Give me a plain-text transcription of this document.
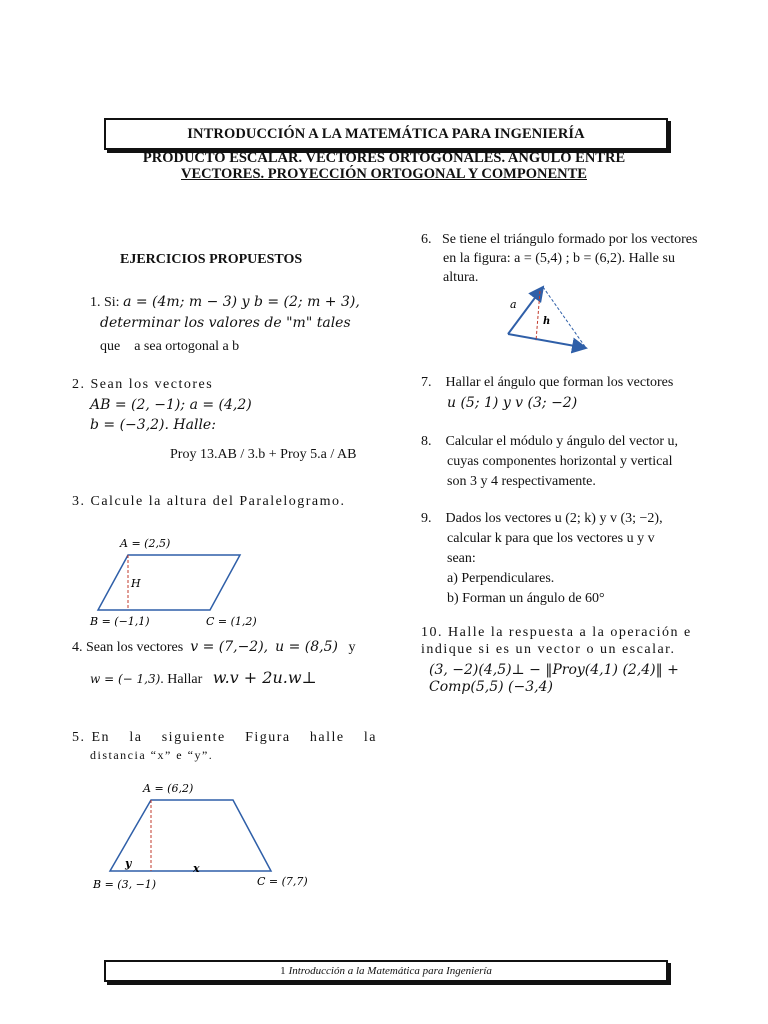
INTRODUCCIÓN A LA MATEMÁTICA PARA INGENIERÍA
PRODUCTO ESCALAR. VECTORES ORTOGONALES. ANGULO ENTRE
VECTORES. PROYECCIÓN ORTOGONAL Y COMPONENTE
EJERCICIOS PROPUESTOS
1. Si: a = (4m; m − 3) y b = (2; m + 3),
determinar los valores de "m" tales
que a sea ortogonal a b
2. Sean los vectores
AB = (2, −1); a = (4,2)
b = (−3,2). Halle:
Proy 13.AB / 3.b + Proy 5.a / AB
3. Calcule la altura del Paralelogramo.
A = (2,5)
H
B = (−1,1)	C = (1,2)
4. Sean los vectores v = (7,−2), u = (8,5) y
w = (− 1,3). Hallar w.v + 2u.w⊥
5. En la siguiente Figura halle la
distancia “x” e “y”.
A = (6,2)
y	x
B = (3, −1)	C = (7,7)
6. Se tiene el triángulo formado por los vectores
en la figura: a = (5,4) ; b = (6,2). Halle su
altura.
a
h
7. Hallar el ángulo que forman los vectores
u (5; 1) y v (3; −2)
8. Calcular el módulo y ángulo del vector u,
cuyas componentes horizontal y vertical
son 3 y 4 respectivamente.
9. Dados los vectores u (2; k) y v (3; −2),
calcular k para que los vectores u y v
sean:
a) Perpendiculares.
b) Forman un ángulo de 60°
10. Halle la respuesta a la operación e
indique si es un vector o un escalar.
(3, −2)(4,5)⊥ − ‖Proy(4,1) (2,4)‖ + Comp(5,5) (−3,4)
1 Introducción a la Matemática para Ingeniería
